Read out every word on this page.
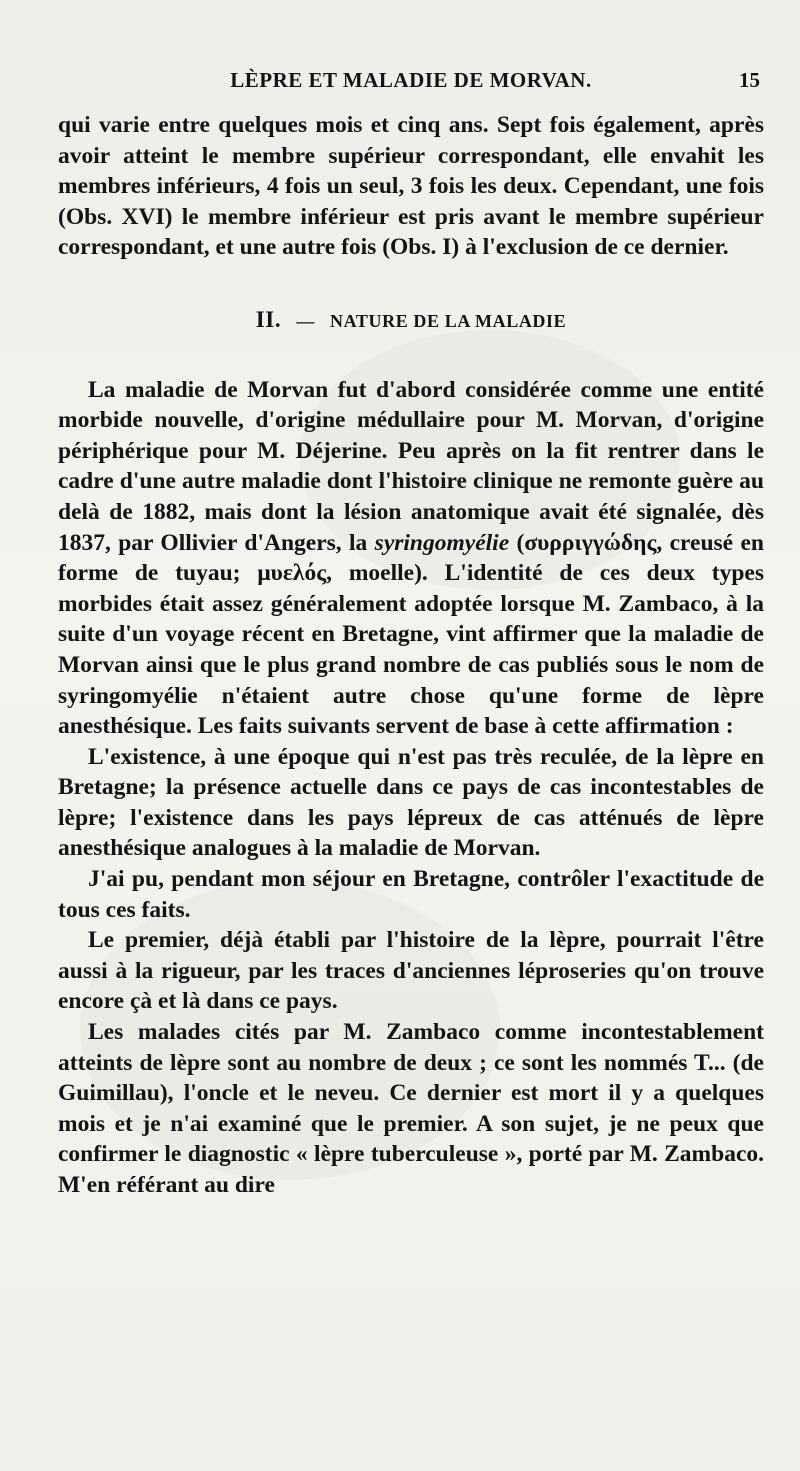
LÈPRE ET MALADIE DE MORVAN.	15

qui varie entre quelques mois et cinq ans. Sept fois également, après avoir atteint le membre supérieur correspondant, elle envahit les membres inférieurs, 4 fois un seul, 3 fois les deux. Cependant, une fois (Obs. XVI) le membre inférieur est pris avant le membre supérieur correspondant, et une autre fois (Obs. I) à l'exclusion de ce dernier.

II. — NATURE DE LA MALADIE

La maladie de Morvan fut d'abord considérée comme une entité morbide nouvelle, d'origine médullaire pour M. Morvan, d'origine périphérique pour M. Déjerine. Peu après on la fit rentrer dans le cadre d'une autre maladie dont l'histoire clinique ne remonte guère au delà de 1882, mais dont la lésion anatomique avait été signalée, dès 1837, par Ollivier d'Angers, la syringomyélie (συρριγγώδης, creusé en forme de tuyau; μυελός, moelle). L'identité de ces deux types morbides était assez généralement adoptée lorsque M. Zambaco, à la suite d'un voyage récent en Bretagne, vint affirmer que la maladie de Morvan ainsi que le plus grand nombre de cas publiés sous le nom de syringomyélie n'étaient autre chose qu'une forme de lèpre anesthésique. Les faits suivants servent de base à cette affirmation :

L'existence, à une époque qui n'est pas très reculée, de la lèpre en Bretagne; la présence actuelle dans ce pays de cas incontestables de lèpre; l'existence dans les pays lépreux de cas atténués de lèpre anesthésique analogues à la maladie de Morvan.

J'ai pu, pendant mon séjour en Bretagne, contrôler l'exactitude de tous ces faits.

Le premier, déjà établi par l'histoire de la lèpre, pourrait l'être aussi à la rigueur, par les traces d'anciennes léproseries qu'on trouve encore çà et là dans ce pays.

Les malades cités par M. Zambaco comme incontestablement atteints de lèpre sont au nombre de deux ; ce sont les nommés T... (de Guimillau), l'oncle et le neveu. Ce dernier est mort il y a quelques mois et je n'ai examiné que le premier. A son sujet, je ne peux que confirmer le diagnostic « lèpre tuberculeuse », porté par M. Zambaco. M'en référant au dire
